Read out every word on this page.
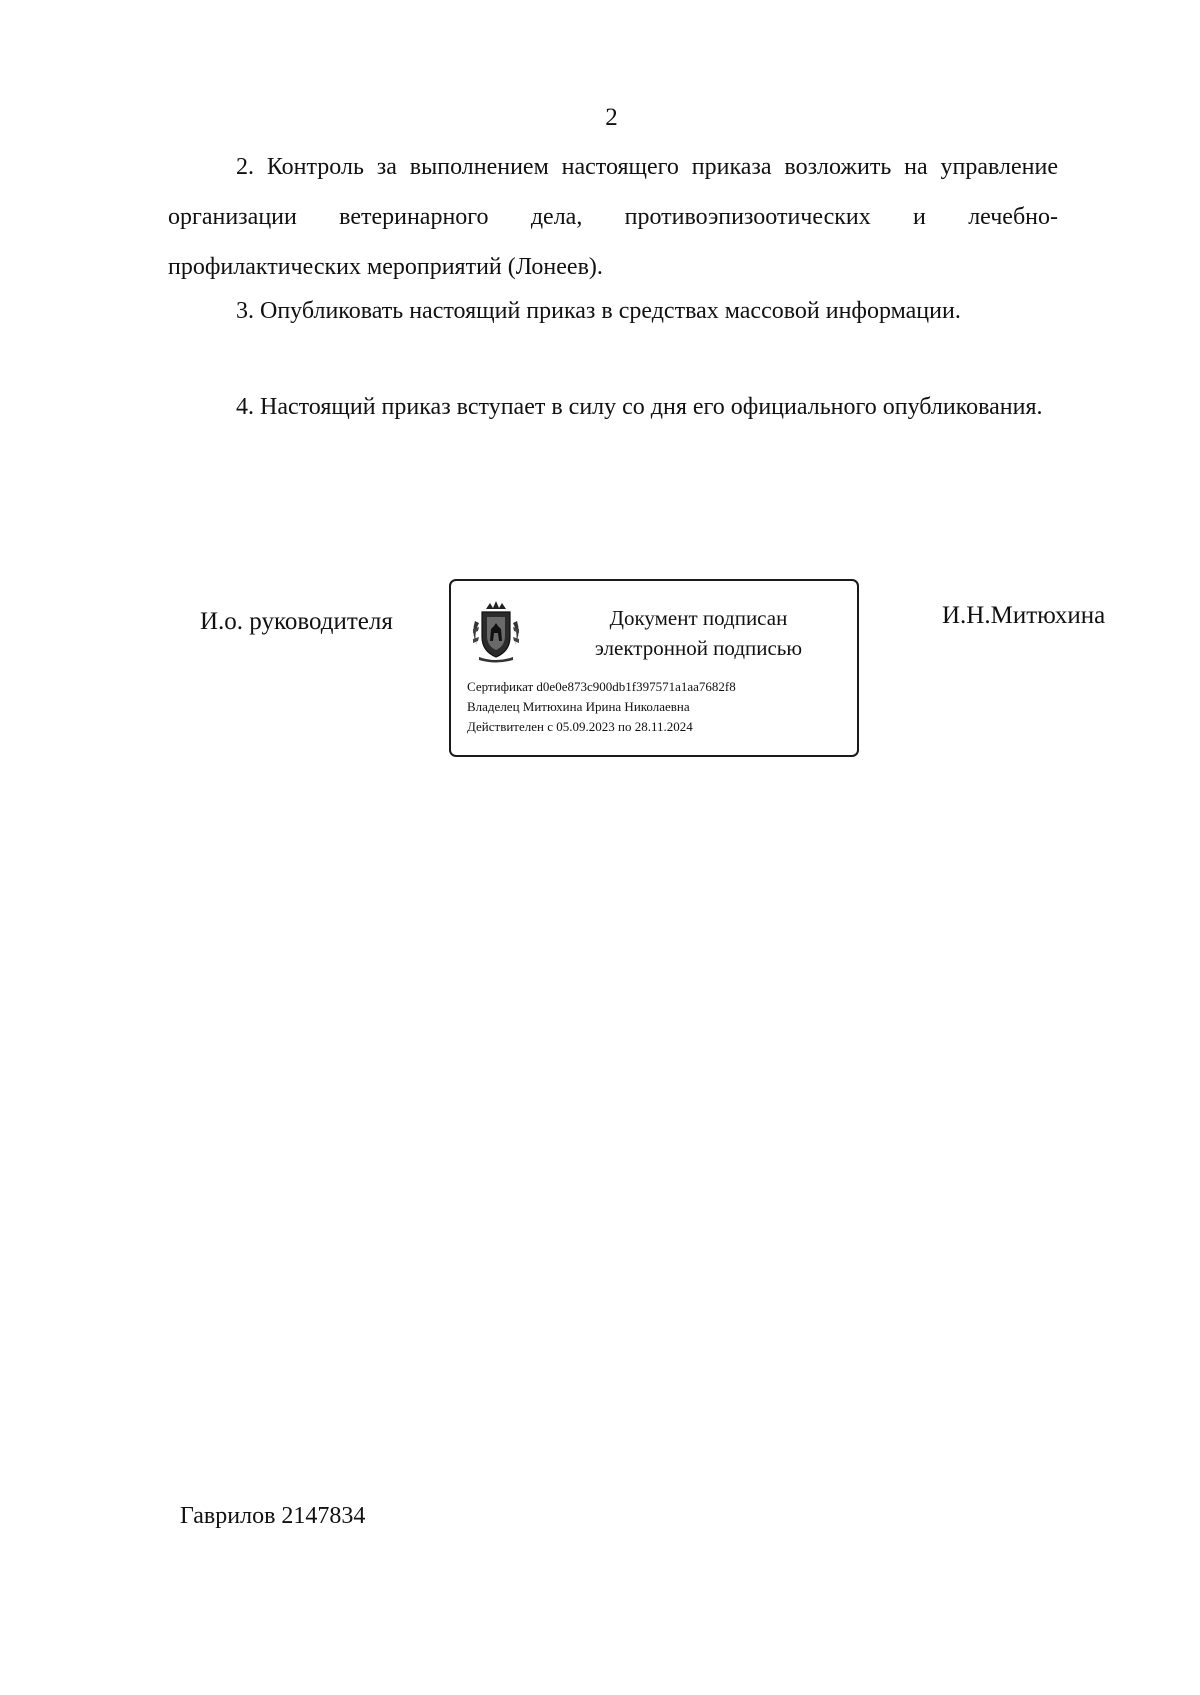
2
2. Контроль за выполнением настоящего приказа возложить на управление организации ветеринарного дела, противоэпизоотических и лечебно-профилактических мероприятий (Лонеев).
3. Опубликовать настоящий приказ в средствах массовой информации.
4. Настоящий приказ вступает в силу со дня его официального опубликования.
И.о. руководителя	Документ подписан
электронной подписью
Сертификат d0e0e873c900db1f397571a1aa7682f8
Владелец Митюхина Ирина Николаевна
Действителен с 05.09.2023 по 28.11.2024
И.Н.Митюхина
Гаврилов 2147834
